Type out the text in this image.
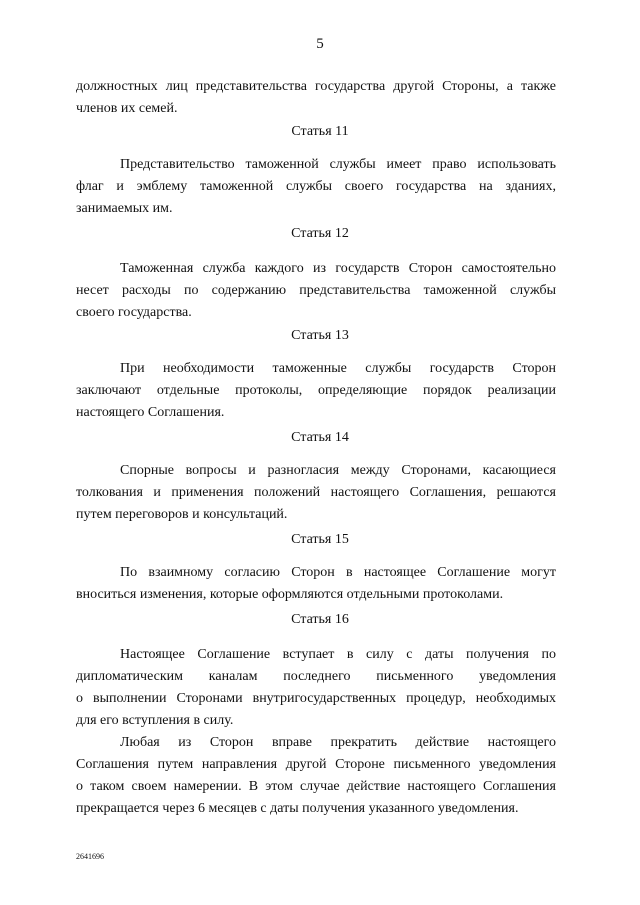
5
должностных лиц представительства государства другой Стороны, а также
членов их семей.
Статья 11
Представительство таможенной службы имеет право использовать
флаг и эмблему таможенной службы своего государства на зданиях,
занимаемых им.
Статья 12
Таможенная служба каждого из государств Сторон самостоятельно
несет расходы по содержанию представительства таможенной службы
своего государства.
Статья 13
При необходимости таможенные службы государств Сторон
заключают отдельные протоколы, определяющие порядок реализации
настоящего Соглашения.
Статья 14
Спорные вопросы и разногласия между Сторонами, касающиеся
толкования и применения положений настоящего Соглашения, решаются
путем переговоров и консультаций.
Статья 15
По взаимному согласию Сторон в настоящее Соглашение могут
вноситься изменения, которые оформляются отдельными протоколами.
Статья 16
Настоящее Соглашение вступает в силу с даты получения по
дипломатическим каналам последнего письменного уведомления
о выполнении Сторонами внутригосударственных процедур, необходимых
для его вступления в силу.
Любая из Сторон вправе прекратить действие настоящего
Соглашения путем направления другой Стороне письменного уведомления
о таком своем намерении. В этом случае действие настоящего Соглашения
прекращается через 6 месяцев с даты получения указанного уведомления.
2641696
